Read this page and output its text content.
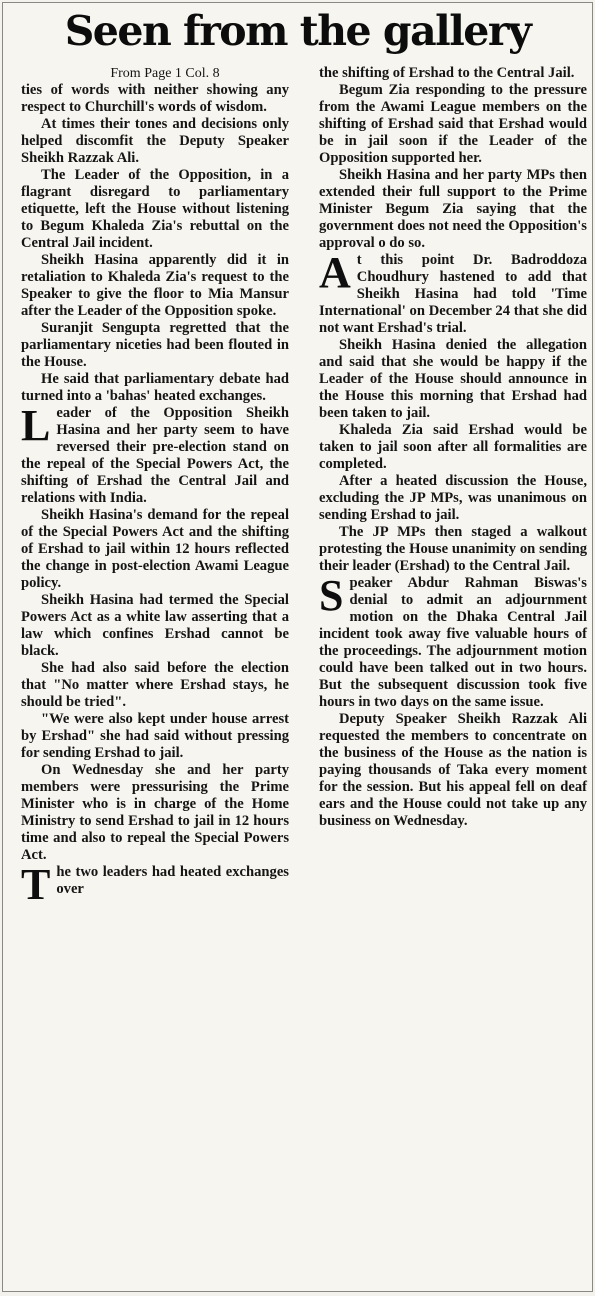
Seen from the gallery

From Page 1 Col. 8

ties of words with neither showing any respect to Churchill's words of wisdom.

At times their tones and decisions only helped discomfit the Deputy Speaker Sheikh Razzak Ali.

The Leader of the Opposition, in a flagrant disregard to parliamentary etiquette, left the House without listening to Begum Khaleda Zia's rebuttal on the Central Jail incident.

Sheikh Hasina apparently did it in retaliation to Khaleda Zia's request to the Speaker to give the floor to Mia Mansur after the Leader of the Opposition spoke.

Suranjit Sengupta regretted that the parliamentary niceties had been flouted in the House.

He said that parliamentary debate had turned into a 'bahas' heated exchanges.

Leader of the Opposition Sheikh Hasina and her party seem to have reversed their pre-election stand on the repeal of the Special Powers Act, the shifting of Ershad the Central Jail and relations with India.

Sheikh Hasina's demand for the repeal of the Special Powers Act and the shifting of Ershad to jail within 12 hours reflected the change in post-election Awami League policy.

Sheikh Hasina had termed the Special Powers Act as a white law asserting that a law which confines Ershad cannot be black.

She had also said before the election that "No matter where Ershad stays, he should be tried".

"We were also kept under house arrest by Ershad" she had said without pressing for sending Ershad to jail.

On Wednesday she and her party members were pressurising the Prime Minister who is in charge of the Home Ministry to send Ershad to jail in 12 hours time and also to repeal the Special Powers Act.

The two leaders had heated exchanges over

the shifting of Ershad to the Central Jail.

Begum Zia responding to the pressure from the Awami League members on the shifting of Ershad said that Ershad would be in jail soon if the Leader of the Opposition supported her.

Sheikh Hasina and her party MPs then extended their full support to the Prime Minister Begum Zia saying that the government does not need the Opposition's approval o do so.

At this point Dr. Badroddoza Choudhury hastened to add that Sheikh Hasina had told 'Time International' on December 24 that she did not want Ershad's trial.

Sheikh Hasina denied the allegation and said that she would be happy if the Leader of the House should announce in the House this morning that Ershad had been taken to jail.

Khaleda Zia said Ershad would be taken to jail soon after all formalities are completed.

After a heated discussion the House, excluding the JP MPs, was unanimous on sending Ershad to jail.

The JP MPs then staged a walkout protesting the House unanimity on sending their leader (Ershad) to the Central Jail.

Speaker Abdur Rahman Biswas's denial to admit an adjournment motion on the Dhaka Central Jail incident took away five valuable hours of the proceedings. The adjournment motion could have been talked out in two hours. But the subsequent discussion took five hours in two days on the same issue.

Deputy Speaker Sheikh Razzak Ali requested the members to concentrate on the business of the House as the nation is paying thousands of Taka every moment for the session. But his appeal fell on deaf ears and the House could not take up any business on Wednesday.
